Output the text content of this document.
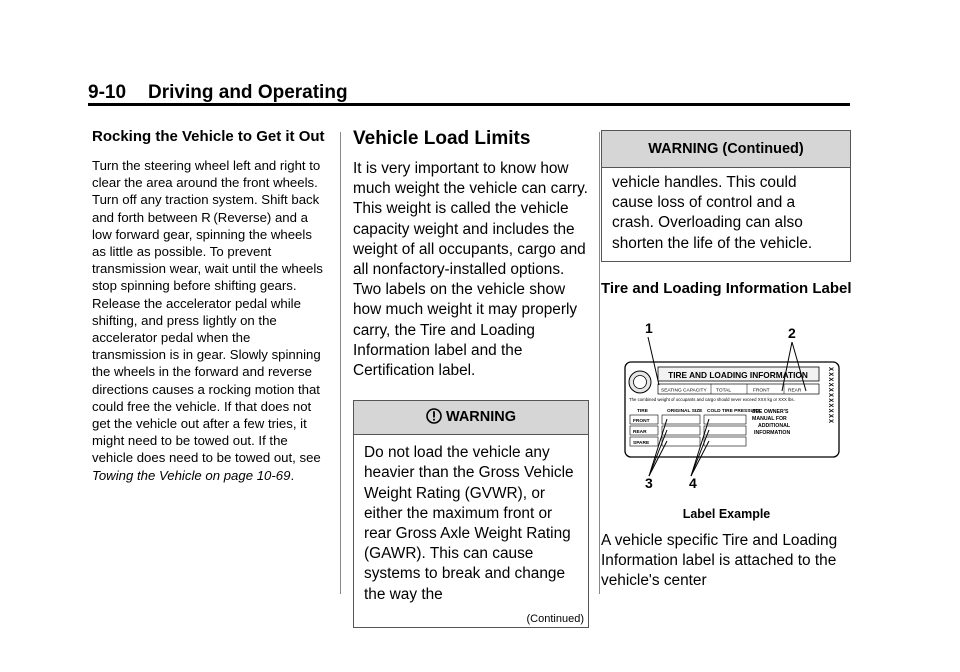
9-10 Driving and Operating
Rocking the Vehicle to Get it Out

Turn the steering wheel left and right to clear the area around the front wheels. Turn off any traction system. Shift back and forth between R (Reverse) and a low forward gear, spinning the wheels as little as possible. To prevent transmission wear, wait until the wheels stop spinning before shifting gears. Release the accelerator pedal while shifting, and press lightly on the accelerator pedal when the transmission is in gear. Slowly spinning the wheels in the forward and reverse directions causes a rocking motion that could free the vehicle. If that does not get the vehicle out after a few tries, it might need to be towed out. If the vehicle does need to be towed out, see Towing the Vehicle on page 10‑69.

Vehicle Load Limits

It is very important to know how much weight the vehicle can carry. This weight is called the vehicle capacity weight and includes the weight of all occupants, cargo and all nonfactory-installed options. Two labels on the vehicle show how much weight it may properly carry, the Tire and Loading Information label and the Certification label.

WARNING

Do not load the vehicle any heavier than the Gross Vehicle Weight Rating (GVWR), or either the maximum front or rear Gross Axle Weight Rating (GAWR). This can cause systems to break and change the way the

(Continued)
WARNING (Continued)

vehicle handles. This could cause loss of control and a crash. Overloading can also shorten the life of the vehicle.

Tire and Loading Information Label
1	2
3	4
TIRE AND LOADING INFORMATION
SEATING CAPACITY TOTAL	FRONT	REAR
The combined weight of occupants and cargo should never exceed XXX kg or XXX lbs.
TIRE	ORIGINAL SIZE COLD TIRE PRESSURE
FRONT
REAR
SPARE
SEE OWNER'S
MANUAL FOR
ADDITIONAL
INFORMATION
XXXXXXXXXXX
Label Example

A vehicle specific Tire and Loading Information label is attached to the vehicle's center
